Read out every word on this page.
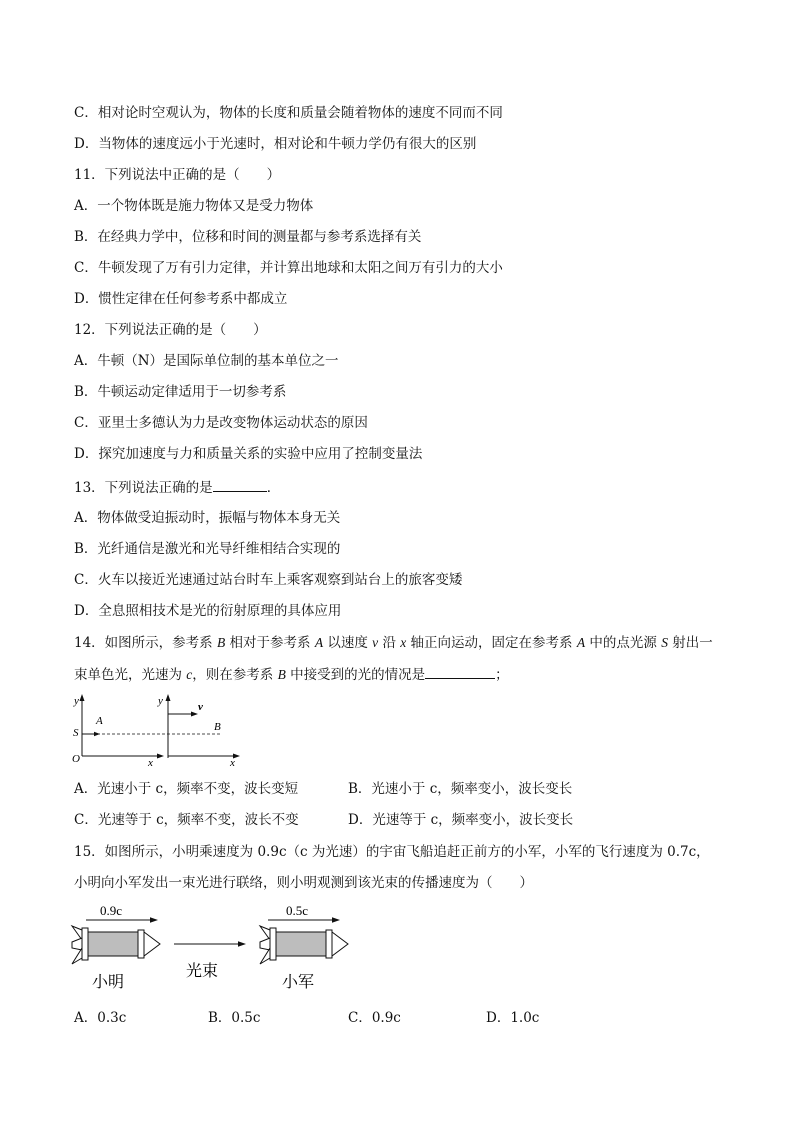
C．相对论时空观认为，物体的长度和质量会随着物体的速度不同而不同
D．当物体的速度远小于光速时，相对论和牛顿力学仍有很大的区别
11．下列说法中正确的是（　　）
A．一个物体既是施力物体又是受力物体
B．在经典力学中，位移和时间的测量都与参考系选择有关
C．牛顿发现了万有引力定律，并计算出地球和太阳之间万有引力的大小
D．惯性定律在任何参考系中都成立
12．下列说法正确的是（　　）
A．牛顿（N）是国际单位制的基本单位之一
B．牛顿运动定律适用于一切参考系
C．亚里士多德认为力是改变物体运动状态的原因
D．探究加速度与力和质量关系的实验中应用了控制变量法
13．下列说法正确的是	．
A．物体做受迫振动时，振幅与物体本身无关
B．光纤通信是激光和光导纤维相结合实现的
C．火车以接近光速通过站台时车上乘客观察到站台上的旅客变矮
D．全息照相技术是光的衍射原理的具体应用
14．如图所示，参考系 B 相对于参考系 A 以速度 v 沿 x 轴正向运动，固定在参考系 A 中的点光源 S 射出一
束单色光，光速为 c，则在参考系 B 中接受到的光的情况是	；
y
x
O
A
S
y
x
v
B
A．光速小于 c，频率不变，波长变短	B．光速小于 c，频率变小，波长变长
C．光速等于 c，频率不变，波长不变	D．光速等于 c，频率变小，波长变长
15．如图所示，小明乘速度为 0.9c（c 为光速）的宇宙飞船追赶正前方的小军，小军的飞行速度为 0.7c，
小明向小军发出一束光进行联络，则小明观测到该光束的传播速度为（　　）
0.9c
小明
光束
0.5c
小军
A．0.3c	B．0.5c	C．0.9c	D．1.0c
